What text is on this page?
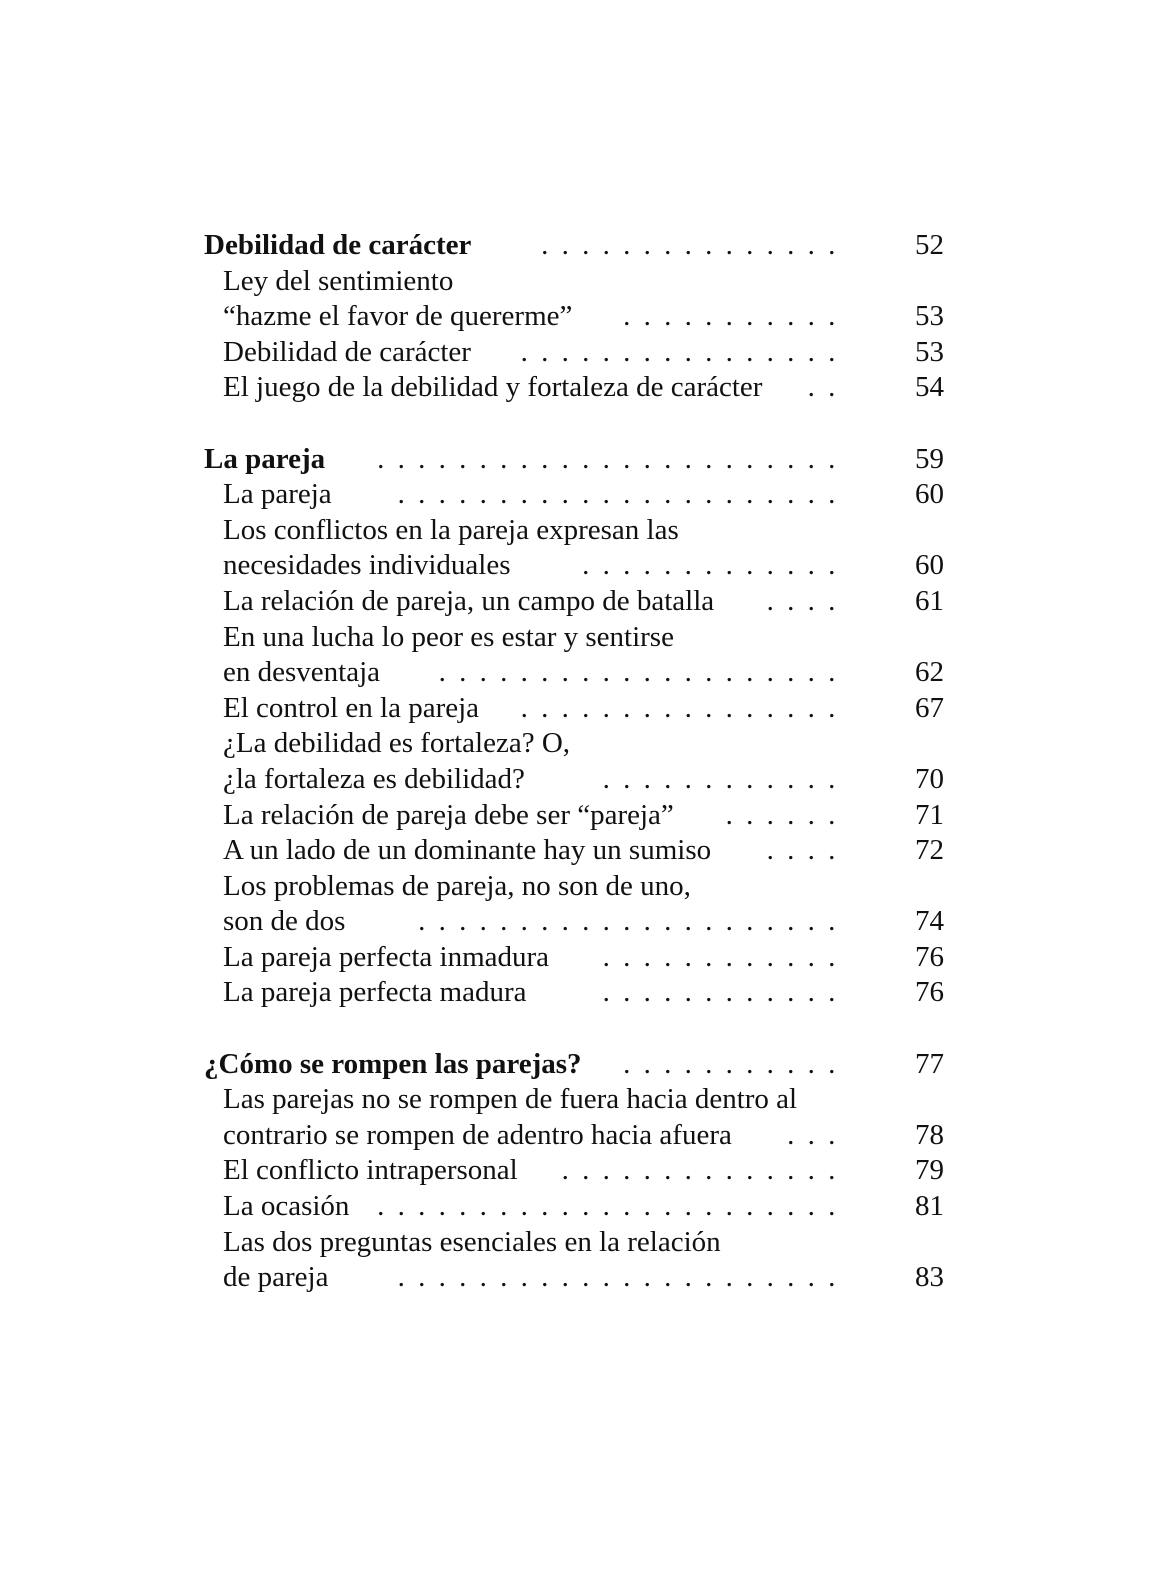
Debilidad de carácter . . . . . . . . . . . . . . .	52
Ley del sentimiento
“hazme el favor de quererme” . . . . . . . . . . .	53
Debilidad de carácter . . . . . . . . . . . . . . . .	53
El juego de la debilidad y fortaleza de carácter . .	54
La pareja . . . . . . . . . . . . . . . . . . . . . . .	59
La pareja . . . . . . . . . . . . . . . . . . . . . .	60
Los conflictos en la pareja expresan las
necesidades individuales . . . . . . . . . . . . .	60
La relación de pareja, un campo de batalla . . . .	61
En una lucha lo peor es estar y sentirse
en desventaja . . . . . . . . . . . . . . . . . . . .	62
El control en la pareja . . . . . . . . . . . . . . . .	67
¿La debilidad es fortaleza? O,
¿la fortaleza es debilidad?	. . . . . . . . . . . .	70
La relación de pareja debe ser “pareja” . . . . . .	71
A un lado de un dominante hay un sumiso . . . .	72
Los problemas de pareja, no son de uno,
son de dos	. . . . . . . . . . . . . . . . . . . . .	74
La pareja perfecta inmadura . . . . . . . . . . . .	76
La pareja perfecta madura	. . . . . . . . . . . .	76
¿Cómo se rompen las parejas? . . . . . . . . . . .	77
Las parejas no se rompen de fuera hacia dentro al
contrario se rompen de adentro hacia afuera . . .	78
El conflicto intrapersonal . . . . . . . . . . . . . .	79
La ocasión . . . . . . . . . . . . . . . . . . . . . . .	81
Las dos preguntas esenciales en la relación
de pareja . . . . . . . . . . . . . . . . . . . . . .	83
